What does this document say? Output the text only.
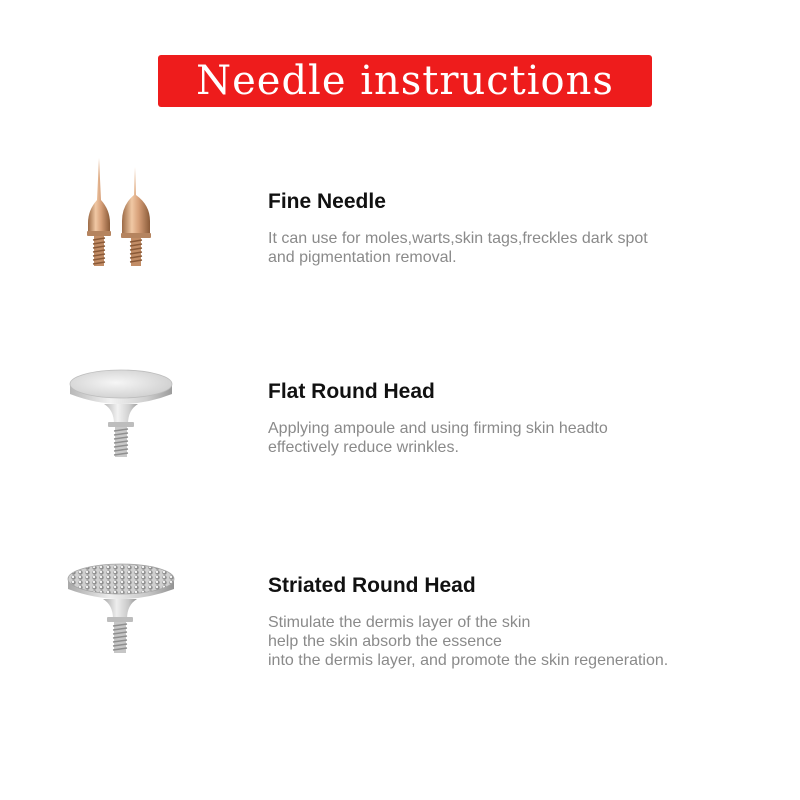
Needle instructions
Fine Needle
It can use for moles,warts,skin tags,freckles dark spot
and pigmentation removal.
Flat Round Head
Applying ampoule and using firming skin headto
effectively reduce wrinkles.
Striated Round Head
Stimulate the dermis layer of the skin
help the skin absorb the essence
into the dermis layer, and promote the skin regeneration.
